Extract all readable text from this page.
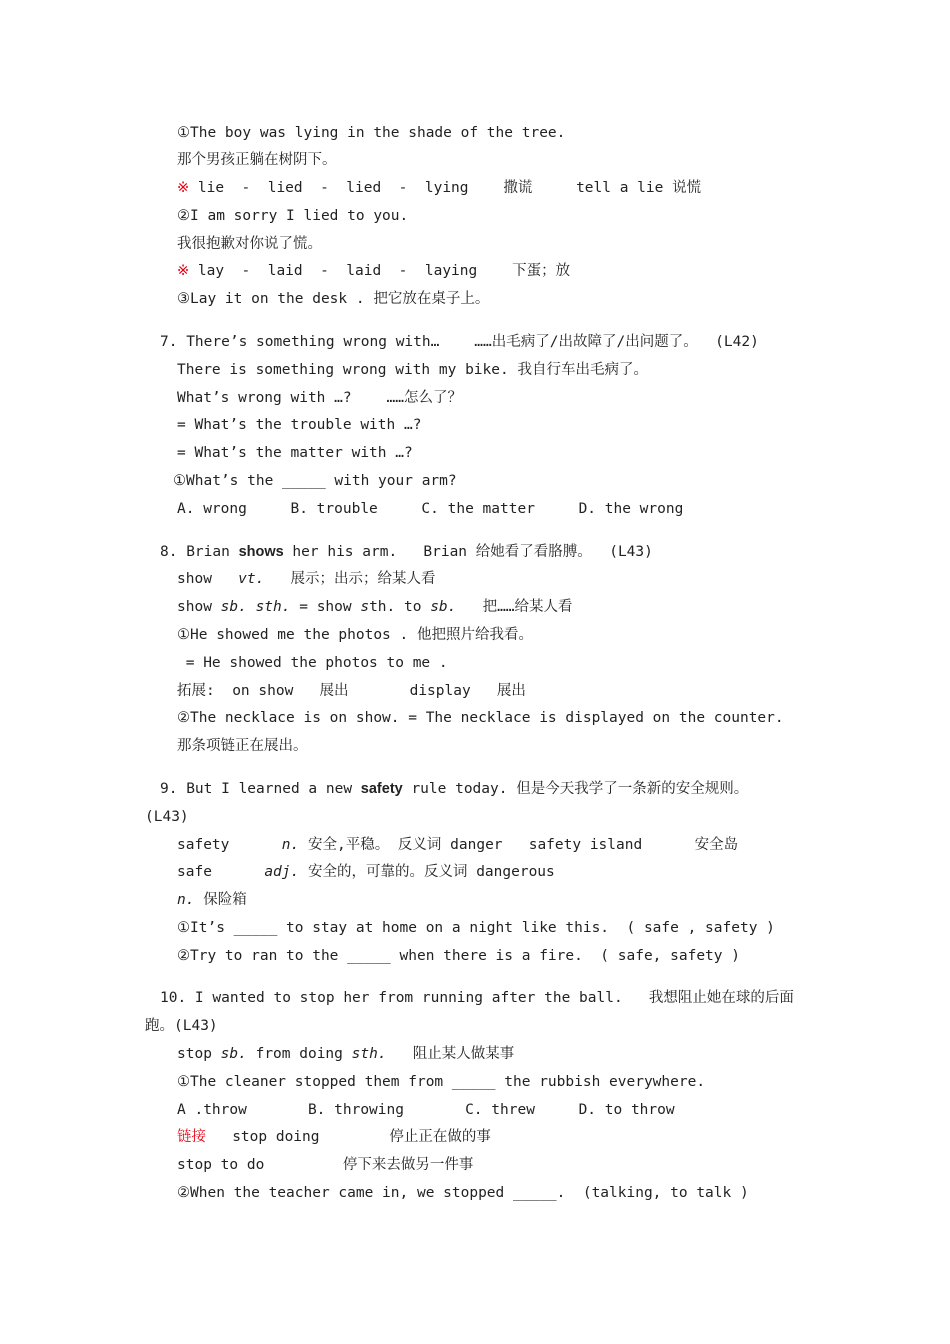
①The boy was lying in the shade of the tree.
那个男孩正躺在树阴下。
※ lie  -  lied  -  lied  -  lying    撒谎     tell a lie 说慌
②I am sorry I lied to you.
我很抱歉对你说了慌。
※ lay  -  laid  -  laid  -  laying    下蛋；放
③Lay it on the desk . 把它放在桌子上。
7. There’s something wrong with…    ……出毛病了/出故障了/出问题了。  (L42)
There is something wrong with my bike. 我自行车出毛病了。
What’s wrong with …?    ……怎么了？
= What’s the trouble with …?
= What’s the matter with …?
①What’s the _____ with your arm?
A. wrong     B. trouble     C. the matter     D. the wrong
8. Brian shows her his arm.   Brian 给她看了看胳膊。  (L43)
show   vt.   展示；出示；给某人看
show sb. sth. = show sth. to sb.   把……给某人看
①He showed me the photos . 他把照片给我看。
= He showed the photos to me .
拓展:  on show   展出       display   展出
②The necklace is on show. = The necklace is displayed on the counter.
那条项链正在展出。
9. But I learned a new safety rule today. 但是今天我学了一条新的安全规则。
(L43)
safety      n. 安全,平稳。 反义词 danger   safety island      安全岛
safe      adj. 安全的，可靠的。反义词 dangerous
n. 保险箱
①It’s _____ to stay at home on a night like this.  ( safe , safety )
②Try to ran to the _____ when there is a fire.  ( safe, safety )
10. I wanted to stop her from running after the ball.   我想阻止她在球的后面
跑。(L43)
stop sb. from doing sth.   阻止某人做某事
①The cleaner stopped them from _____ the rubbish everywhere.
A .throw       B. throwing       C. threw     D. to throw
链接   stop doing        停止正在做的事
stop to do         停下来去做另一件事
②When the teacher came in, we stopped _____.  (talking, to talk )
